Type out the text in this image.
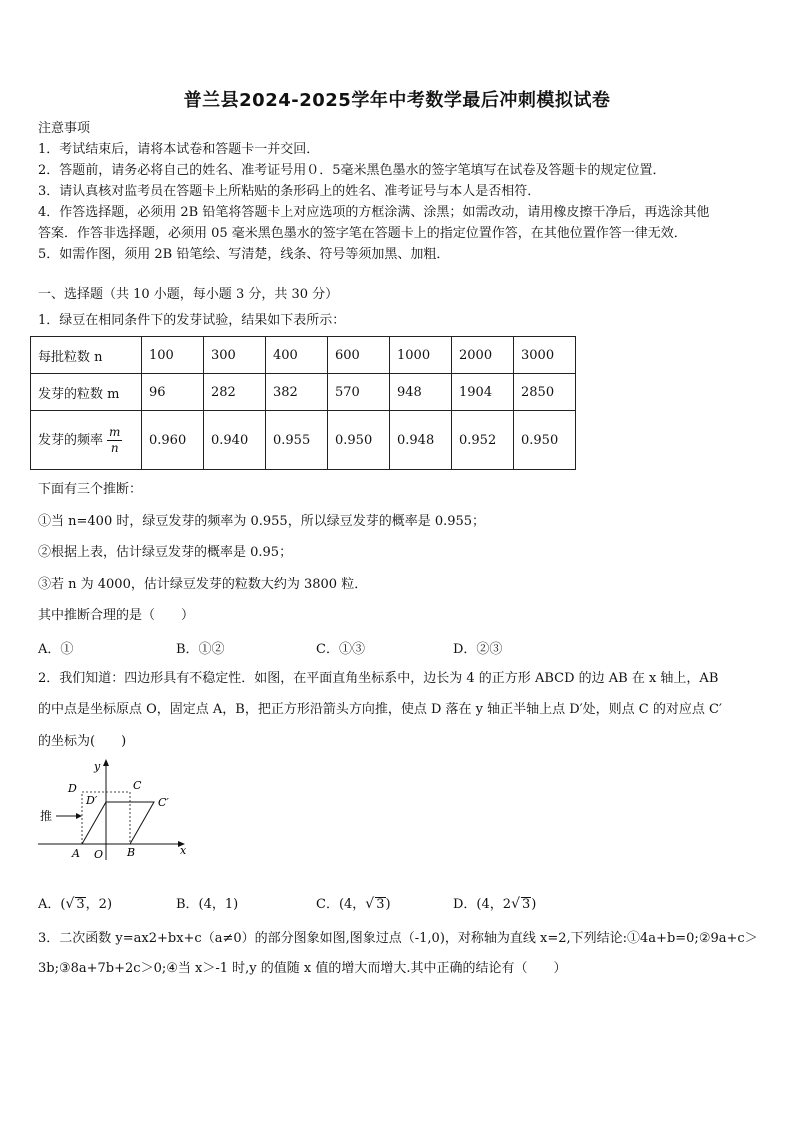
普兰县2024-2025学年中考数学最后冲刺模拟试卷
注意事项
1．考试结束后，请将本试卷和答题卡一并交回．
2．答题前，请务必将自己的姓名、准考证号用０．5毫米黑色墨水的签字笔填写在试卷及答题卡的规定位置．
3．请认真核对监考员在答题卡上所粘贴的条形码上的姓名、准考证号与本人是否相符．
4．作答选择题，必须用 2B 铅笔将答题卡上对应选项的方框涂满、涂黑；如需改动，请用橡皮擦干净后，再选涂其他
答案．作答非选择题，必须用 05 毫米黑色墨水的签字笔在答题卡上的指定位置作答，在其他位置作答一律无效．
5．如需作图，须用 2B 铅笔绘、写清楚，线条、符号等须加黑、加粗．
一、选择题（共 10 小题，每小题 3 分，共 30 分）
1．绿豆在相同条件下的发芽试验，结果如下表所示：
每批粒数 n	100	300	400	600	1000	2000	3000
发芽的粒数 m	96	282	382	570	948	1904	2850
发芽的频率 $\frac{m}{n}$	0.960	0.940	0.955	0.950	0.948	0.952	0.950
下面有三个推断：
①当 n=400 时，绿豆发芽的频率为 0.955，所以绿豆发芽的概率是 0.955；
②根据上表，估计绿豆发芽的概率是 0.95；
③若 n 为 4000，估计绿豆发芽的粒数大约为 3800 粒．
其中推断合理的是（　　）
A．①	B．①②	C．①③	D．②③
2．我们知道：四边形具有不稳定性．如图，在平面直角坐标系中，边长为 4 的正方形 ABCD 的边 AB 在 x 轴上，AB
的中点是坐标原点 O，固定点 A，B，把正方形沿箭头方向推，使点 D 落在 y 轴正半轴上点 D′处，则点 C 的对应点 C′
的坐标为(　　)
推
D	C
D′	C′
A O B	x
y
A．(√ 3，2)	B．(4，1)	C．(4，√ 3)	D．(4，2√ 3)
3．二次函数 y=ax2+bx+c（a≠0）的部分图象如图,图象过点（-1,0)，对称轴为直线 x=2,下列结论:①4a+b=0;②9a+c＞
3b;③8a+7b+2c＞0;④当 x＞-1 时,y 的值随 x 值的增大而增大.其中正确的结论有（　　）
